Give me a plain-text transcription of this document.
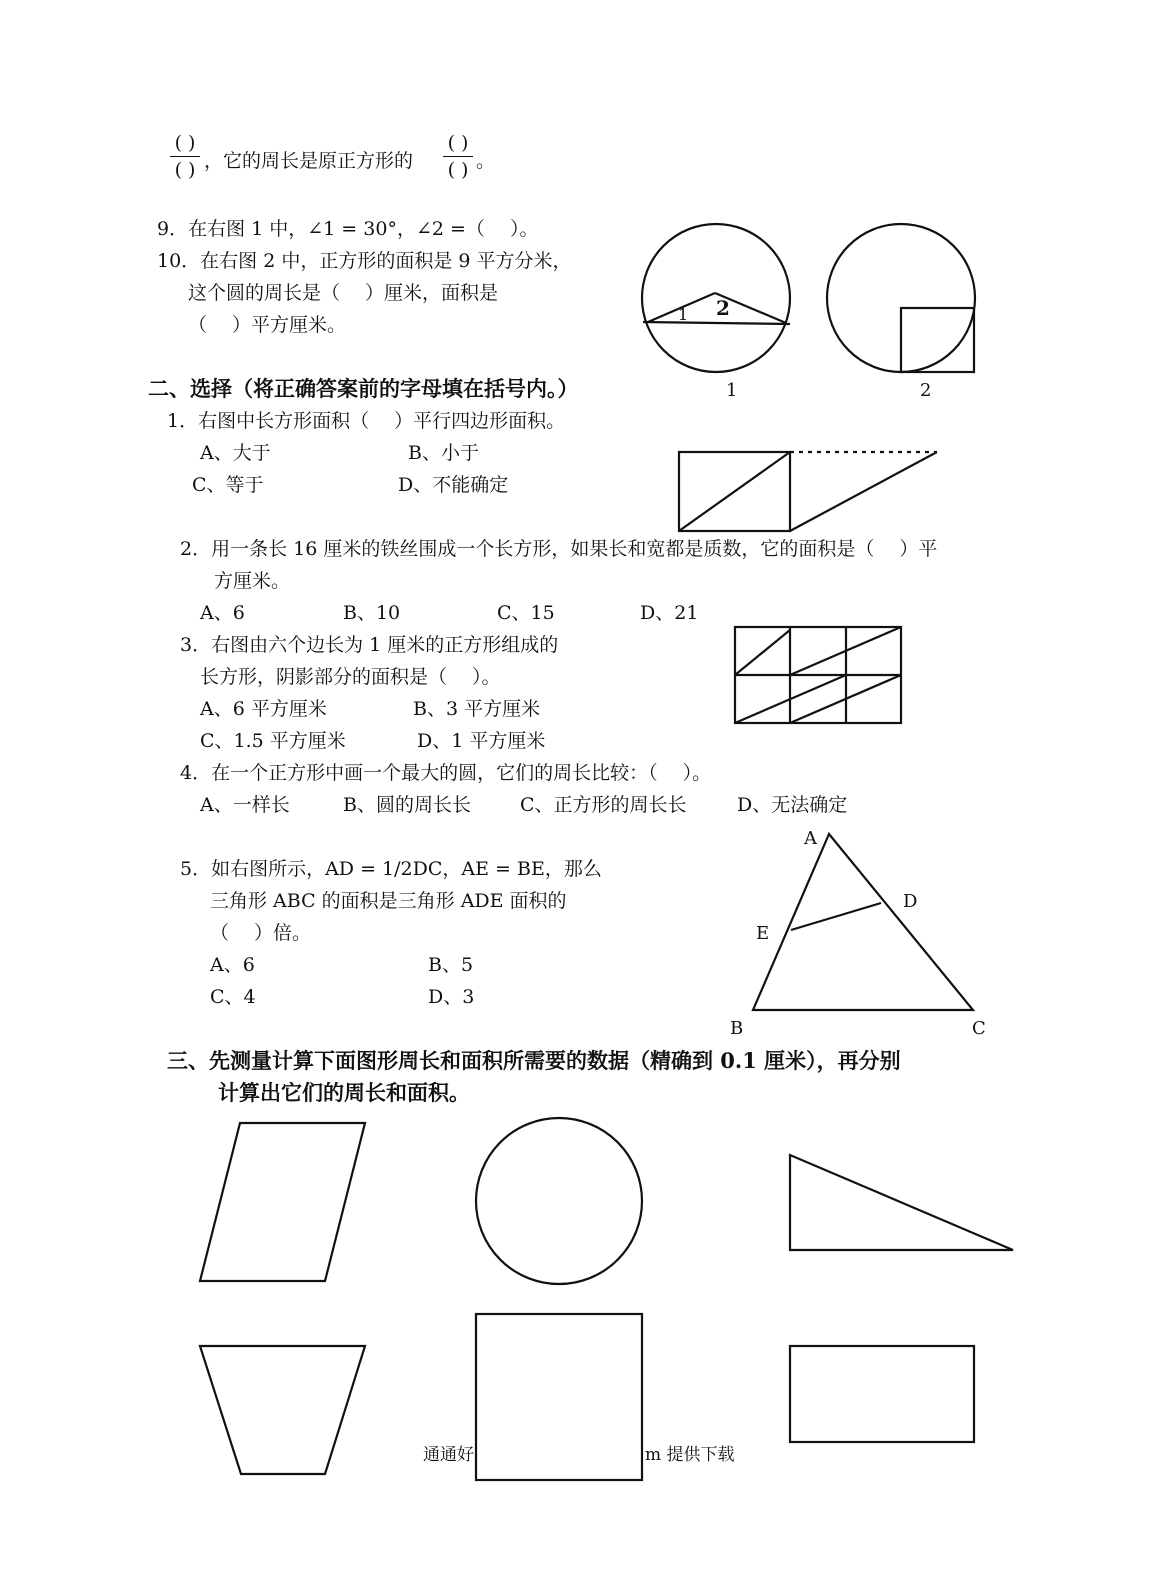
( )
( ) ，它的周长是原正方形的
( )
( ) 。
9．在右图 1 中，∠1 = 30°，∠2 =（　 ）。
10．在右图 2 中，正方形的面积是 9 平方分米，
这个圆的周长是（　 ）厘米，面积是
（　 ）平方厘米。
二、选择（将正确答案前的字母填在括号内。）
1．右图中长方形面积（　 ）平行四边形面积。
A、大于	B、小于
C、等于	D、不能确定
2．用一条长 16 厘米的铁丝围成一个长方形，如果长和宽都是质数，它的面积是（　 ）平
方厘米。
A、6	B、10	C、15	D、21
3．右图由六个边长为 1 厘米的正方形组成的
长方形，阴影部分的面积是（　 ）。
A、6 平方厘米	B、3 平方厘米
C、1.5 平方厘米	D、1 平方厘米
4．在一个正方形中画一个最大的圆，它们的周长比较：（　 ）。
A、一样长	B、圆的周长长	C、正方形的周长长	D、无法确定
5．如右图所示，AD = 1/2DC，AE = BE，那么
三角形 ABC 的面积是三角形 ADE 面积的
（　 ）倍。
A、6	B、5
C、4	D、3
三、先测量计算下面图形周长和面积所需要的数据（精确到 0.1 厘米），再分别
计算出它们的周长和面积。
1 2
1	2
A
D
E
B	C
通通好	m 提供下载
